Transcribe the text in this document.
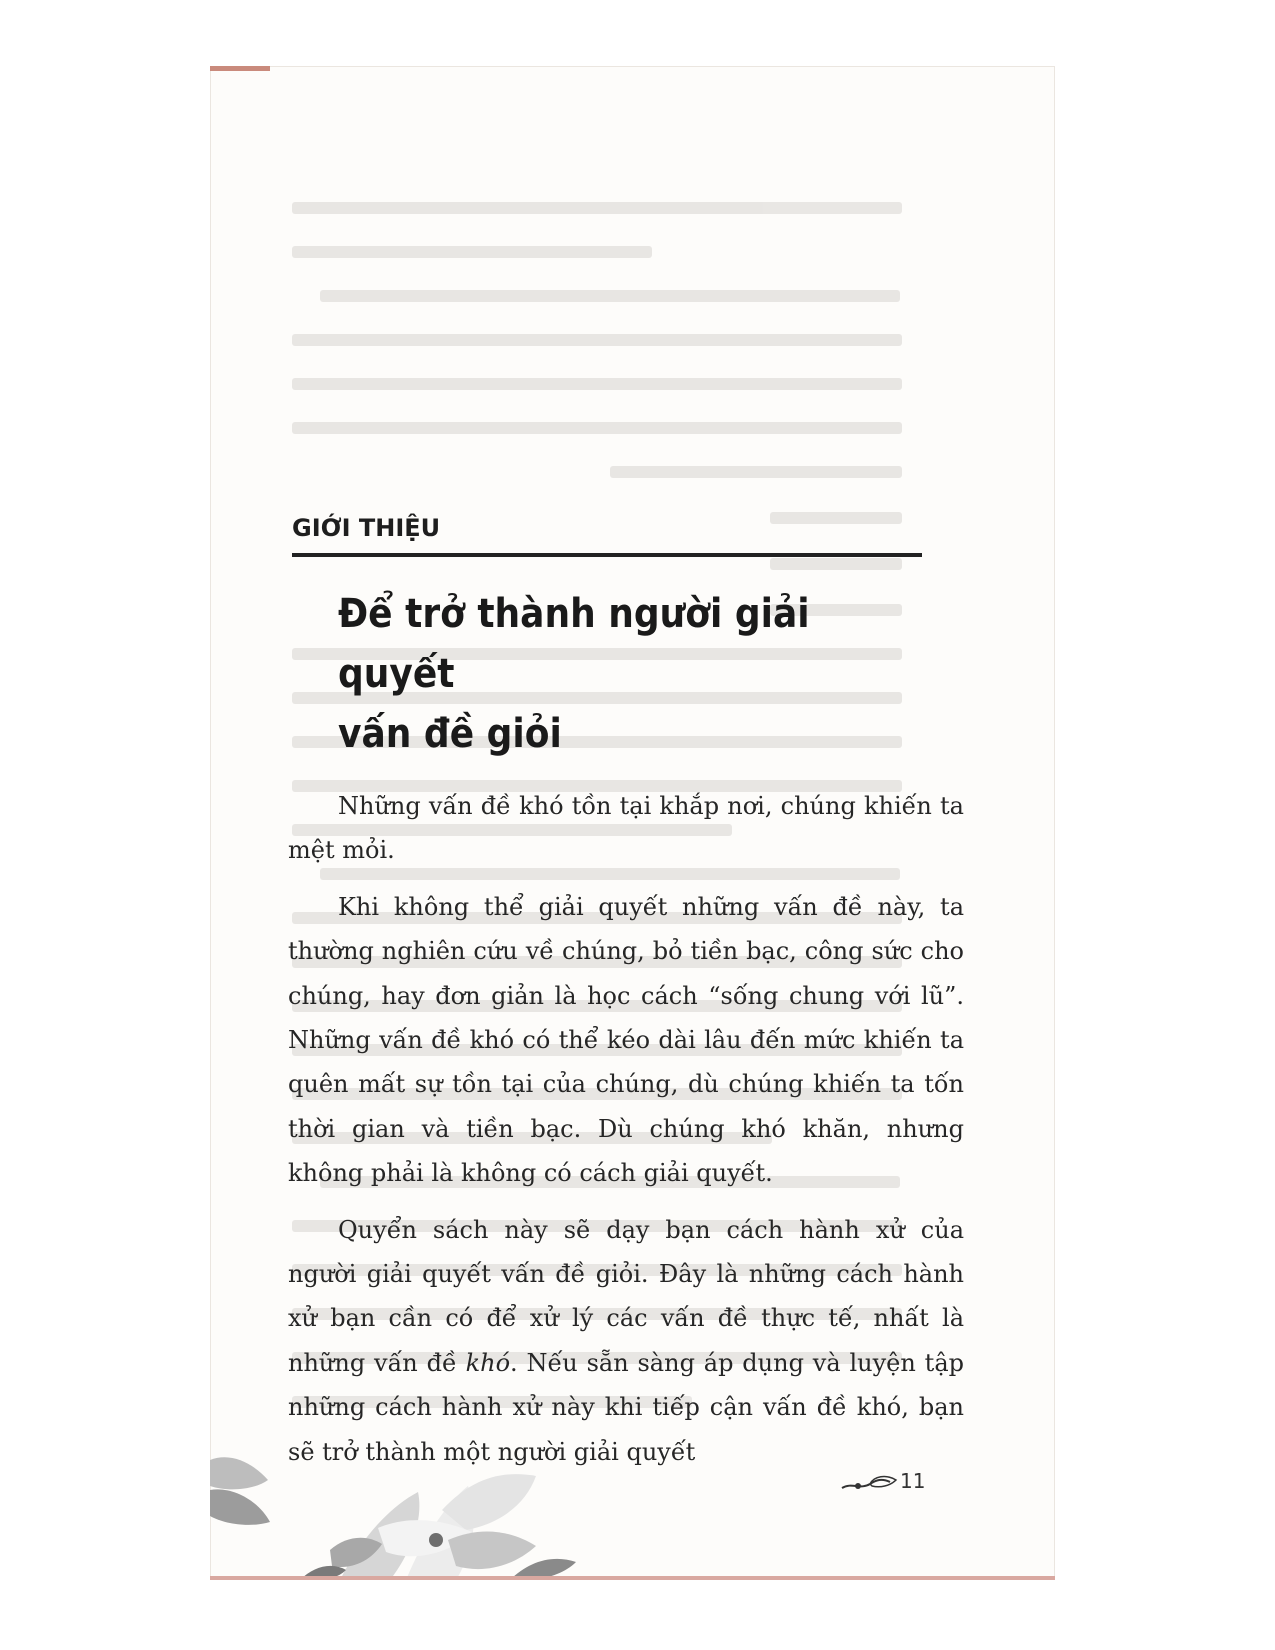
GIỚI THIỆU
Để trở thành người giải quyết
vấn đề giỏi

Những vấn đề khó tồn tại khắp nơi, chúng khiến ta mệt mỏi.

Khi không thể giải quyết những vấn đề này, ta thường nghiên cứu về chúng, bỏ tiền bạc, công sức cho chúng, hay đơn giản là học cách “sống chung với lũ”. Những vấn đề khó có thể kéo dài lâu đến mức khiến ta quên mất sự tồn tại của chúng, dù chúng khiến ta tốn thời gian và tiền bạc. Dù chúng khó khăn, nhưng không phải là không có cách giải quyết.

Quyển sách này sẽ dạy bạn cách hành xử của người giải quyết vấn đề giỏi. Đây là những cách hành xử bạn cần có để xử lý các vấn đề thực tế, nhất là những vấn đề khó. Nếu sẵn sàng áp dụng và luyện tập những cách hành xử này khi tiếp cận vấn đề khó, bạn sẽ trở thành một người giải quyết

11
